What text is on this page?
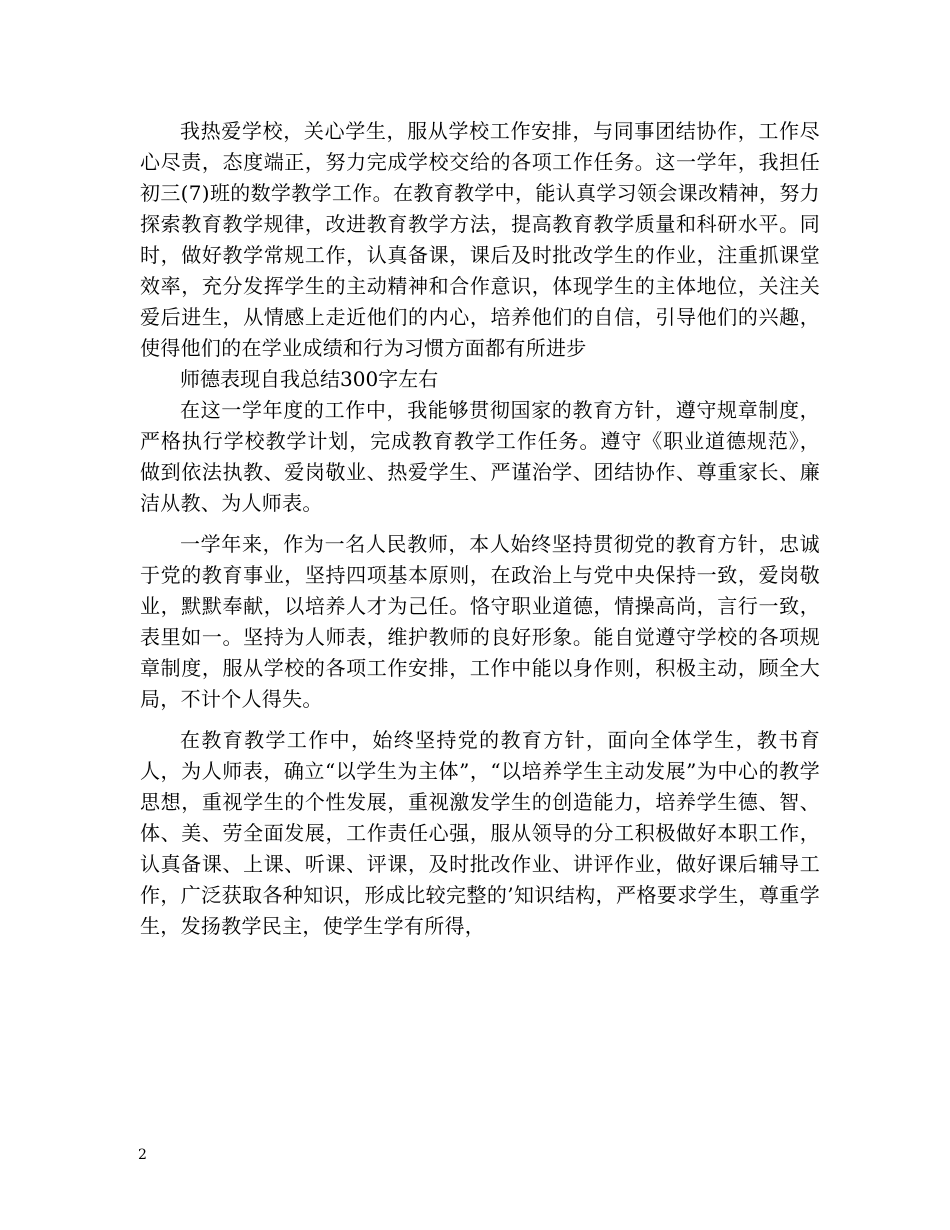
我热爱学校，关心学生，服从学校工作安排，与同事团结协作，工作尽心尽责，态度端正，努力完成学校交给的各项工作任务。这一学年，我担任初三(7)班的数学教学工作。在教育教学中，能认真学习领会课改精神，努力探索教育教学规律，改进教育教学方法，提高教育教学质量和科研水平。同时，做好教学常规工作，认真备课，课后及时批改学生的作业，注重抓课堂效率，充分发挥学生的主动精神和合作意识，体现学生的主体地位，关注关爱后进生，从情感上走近他们的内心，培养他们的自信，引导他们的兴趣，使得他们的在学业成绩和行为习惯方面都有所进步

师德表现自我总结300字左右

在这一学年度的工作中，我能够贯彻国家的教育方针，遵守规章制度，严格执行学校教学计划，完成教育教学工作任务。遵守《职业道德规范》，做到依法执教、爱岗敬业、热爱学生、严谨治学、团结协作、尊重家长、廉洁从教、为人师表。

一学年来，作为一名人民教师，本人始终坚持贯彻党的教育方针，忠诚于党的教育事业，坚持四项基本原则，在政治上与党中央保持一致，爱岗敬业，默默奉献，以培养人才为己任。恪守职业道德，情操高尚，言行一致，表里如一。坚持为人师表，维护教师的良好形象。能自觉遵守学校的各项规章制度，服从学校的各项工作安排，工作中能以身作则，积极主动，顾全大局，不计个人得失。

在教育教学工作中，始终坚持党的教育方针，面向全体学生，教书育人，为人师表，确立“以学生为主体”，“以培养学生主动发展”为中心的教学思想，重视学生的个性发展，重视激发学生的创造能力，培养学生德、智、体、美、劳全面发展，工作责任心强，服从领导的分工积极做好本职工作，认真备课、上课、听课、评课，及时批改作业、讲评作业，做好课后辅导工作，广泛获取各种知识，形成比较完整的’知识结构，严格要求学生，尊重学生，发扬教学民主，使学生学有所得，

2
